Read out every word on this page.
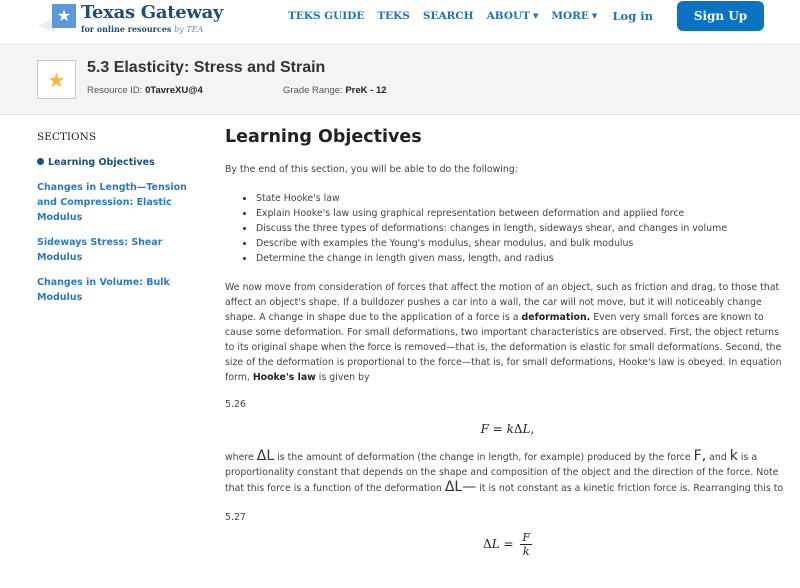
★ Texas Gateway
for online resources by TEA
TEKS GUIDE TEKS SEARCH ABOUT ▼ MORE ▼ Log in	Sign Up
★ 5.3 Elasticity: Stress and Strain
Resource ID: 0TavreXU@4	Grade Range: PreK - 12
SECTIONS
Learning Objectives
Changes in Length—Tension and Compression: Elastic Modulus
Sideways Stress: Shear Modulus
Changes in Volume: Bulk Modulus
Learning Objectives

By the end of this section, you will be able to do the following:

State Hooke's law
Explain Hooke's law using graphical representation between deformation and applied force
Discuss the three types of deformations: changes in length, sideways shear, and changes in volume
Describe with examples the Young's modulus, shear modulus, and bulk modulus
Determine the change in length given mass, length, and radius

We now move from consideration of forces that affect the motion of an object, such as friction and drag, to those that affect an object's shape. If a bulldozer pushes a car into a wall, the car will not move, but it will noticeably change shape. A change in shape due to the application of a force is a deformation. Even very small forces are known to cause some deformation. For small deformations, two important characteristics are observed. First, the object returns to its original shape when the force is removed—that is, the deformation is elastic for small deformations. Second, the size of the deformation is proportional to the force—that is, for small deformations, Hooke's law is obeyed. In equation form, Hooke's law is given by

5.26

F = kΔL,

where ΔL is the amount of deformation (the change in length, for example) produced by the force F, and k is a proportionality constant that depends on the shape and composition of the object and the direction of the force. Note that this force is a function of the deformation ΔL— it is not constant as a kinetic friction force is. Rearranging this to

5.27

$\Delta L = \frac{F}{k}$
